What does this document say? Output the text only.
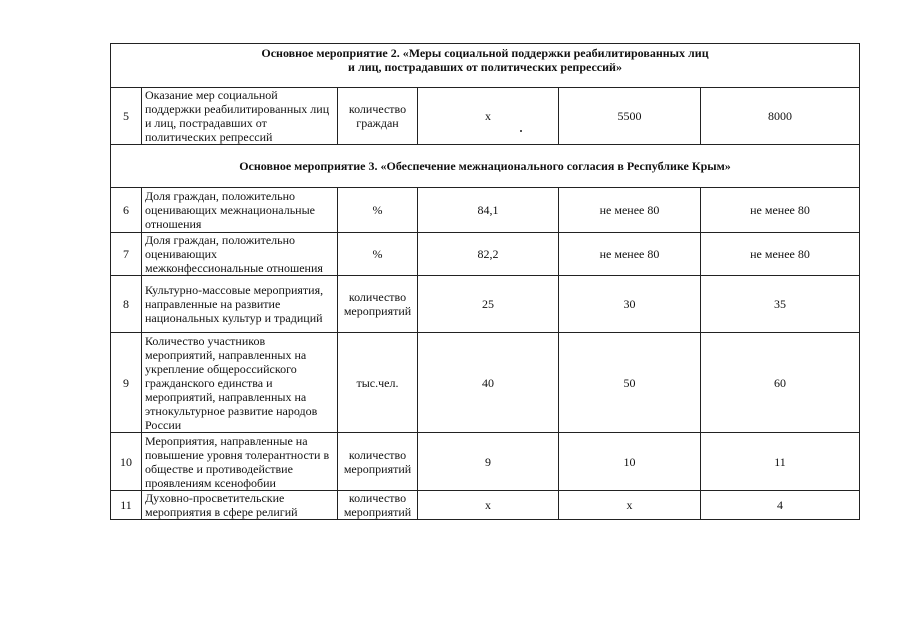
Основное мероприятие 2. «Меры социальной поддержки реабилитированных лиц

и лиц, пострадавших от политических репрессий»					

5	Оказание мер социальной поддержки реабилитированных лиц и лиц, пострадавших от политических репрессий	количество граждан	x	5500	8000
Основное мероприятие 3. «Обеспечение межнационального согласия в Республике Крым»					
6	Доля граждан, положительно оценивающих межнациональные отношения	%	84,1	не менее 80	не менее 80
7	Доля граждан, положительно оценивающих межконфессиональные отношения	%	82,2	не менее 80	не менее 80
8	Культурно-массовые мероприятия, направленные на развитие национальных культур и традиций	количество мероприятий	25	30	35
9	Количество участников мероприятий, направленных на укрепление общероссийского гражданского единства и мероприятий, направленных на этнокультурное развитие народов России	тыс.чел.	40	50	60
10	Мероприятия, направленные на повышение уровня толерантности в обществе и противодействие проявлениям ксенофобии	количество мероприятий	9	10	11
11	Духовно-просветительские мероприятия в сфере религий	количество мероприятий	x	x	4
